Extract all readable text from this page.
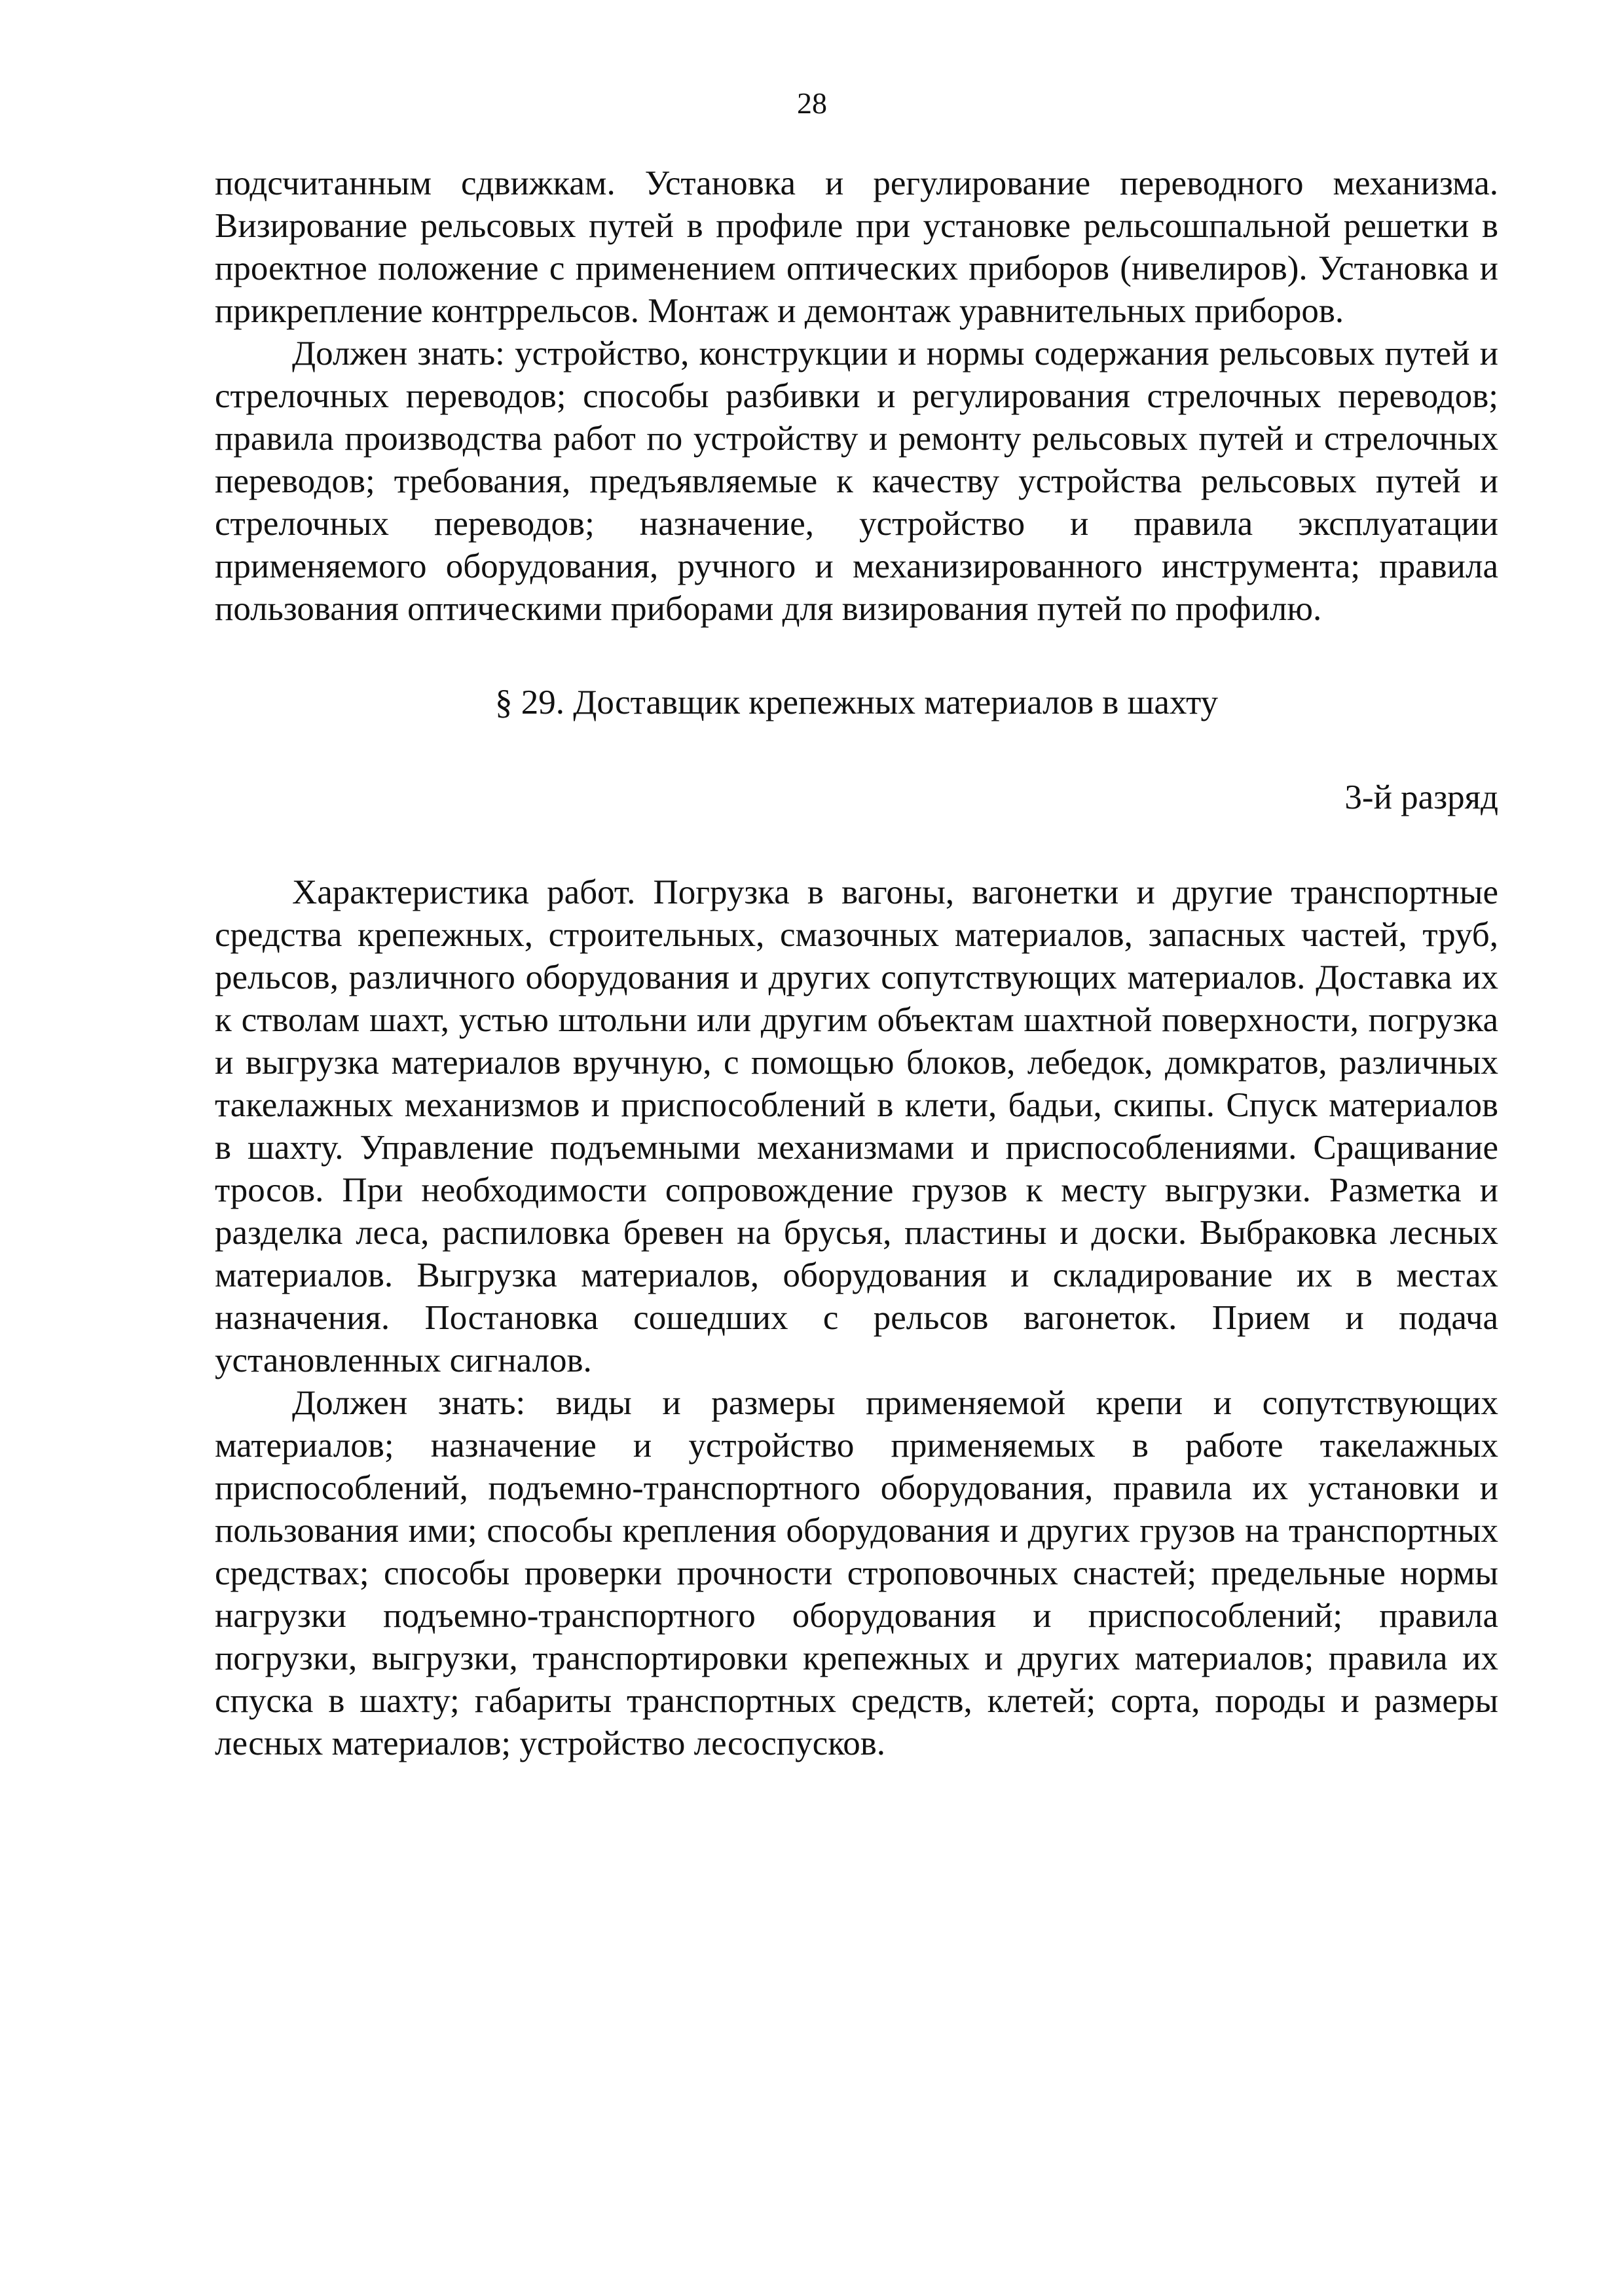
28

подсчитанным сдвижкам. Установка и регулирование переводного механизма. Визирование рельсовых путей в профиле при установке рельсошпальной решетки в проектное положение с применением оптических приборов (нивелиров). Установка и прикрепление контррельсов. Монтаж и демонтаж уравнительных приборов.

Должен знать: устройство, конструкции и нормы содержания рельсовых путей и стрелочных переводов; способы разбивки и регулирования стрелочных переводов; правила производства работ по устройству и ремонту рельсовых путей и стрелочных переводов; требования, предъявляемые к качеству устройства рельсовых путей и стрелочных переводов; назначение, устройство и правила эксплуатации применяемого оборудования, ручного и механизированного инструмента; правила пользования оптическими приборами для визирования путей по профилю.

§ 29. Доставщик крепежных материалов в шахту

3-й разряд

Характеристика работ. Погрузка в вагоны, вагонетки и другие транспортные средства крепежных, строительных, смазочных материалов, запасных частей, труб, рельсов, различного оборудования и других сопутствующих материалов. Доставка их к стволам шахт, устью штольни или другим объектам шахтной поверхности, погрузка и выгрузка материалов вручную, с помощью блоков, лебедок, домкратов, различных такелажных механизмов и приспособлений в клети, бадьи, скипы. Спуск материалов в шахту. Управление подъемными механизмами и приспособлениями. Сращивание тросов. При необходимости сопровождение грузов к месту выгрузки. Разметка и разделка леса, распиловка бревен на брусья, пластины и доски. Выбраковка лесных материалов. Выгрузка материалов, оборудования и складирование их в местах назначения. Постановка сошедших с рельсов вагонеток. Прием и подача установленных сигналов.

Должен знать: виды и размеры применяемой крепи и сопутствующих материалов; назначение и устройство применяемых в работе такелажных приспособлений, подъемно-транспортного оборудования, правила их установки и пользования ими; способы крепления оборудования и других грузов на транспортных средствах; способы проверки прочности строповочных снастей; предельные нормы нагрузки подъемно-транспортного оборудования и приспособлений; правила погрузки, выгрузки, транспортировки крепежных и других материалов; правила их спуска в шахту; габариты транспортных средств, клетей; сорта, породы и размеры лесных материалов; устройство лесоспусков.
